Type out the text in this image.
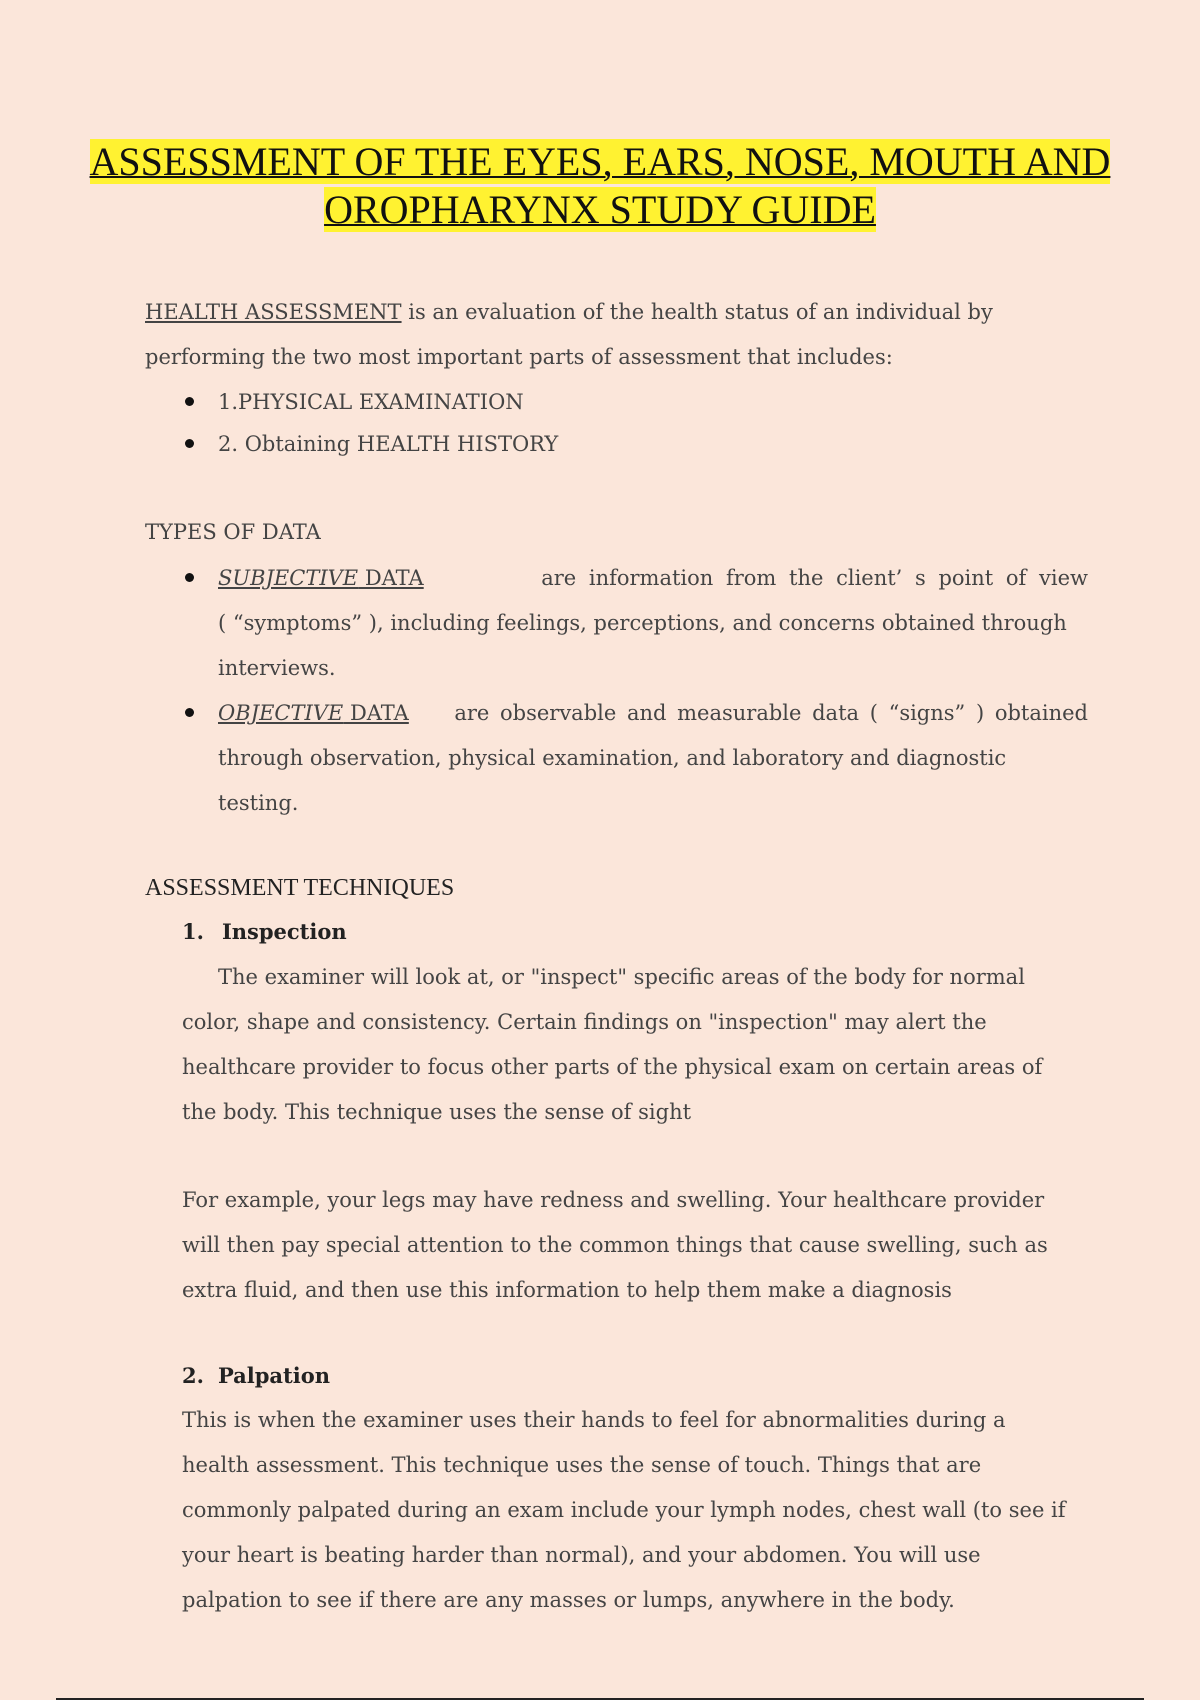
ASSESSMENT OF THE EYES, EARS, NOSE, MOUTH AND
OROPHARYNX STUDY GUIDE

HEALTH ASSESSMENT is an evaluation of the health status of an individual by

performing the two most important parts of assessment that includes:

1.PHYSICAL EXAMINATION

2. Obtaining HEALTH HISTORY

TYPES OF DATA

SUBJECTIVE DATA	are information from the client’ s point of view

( “symptoms” ), including feelings, perceptions, and concerns obtained through

interviews.

OBJECTIVE DATA are observable and measurable data ( “signs” ) obtained

through observation, physical examination, and laboratory and diagnostic

testing.

ASSESSMENT TECHNIQUES

1. Inspection

The examiner will look at, or "inspect" specific areas of the body for normal

color, shape and consistency. Certain findings on "inspection" may alert the

healthcare provider to focus other parts of the physical exam on certain areas of

the body. This technique uses the sense of sight

For example, your legs may have redness and swelling. Your healthcare provider

will then pay special attention to the common things that cause swelling, such as

extra fluid, and then use this information to help them make a diagnosis

2. Palpation

This is when the examiner uses their hands to feel for abnormalities during a

health assessment. This technique uses the sense of touch. Things that are

commonly palpated during an exam include your lymph nodes, chest wall (to see if

your heart is beating harder than normal), and your abdomen. You will use

palpation to see if there are any masses or lumps, anywhere in the body.
